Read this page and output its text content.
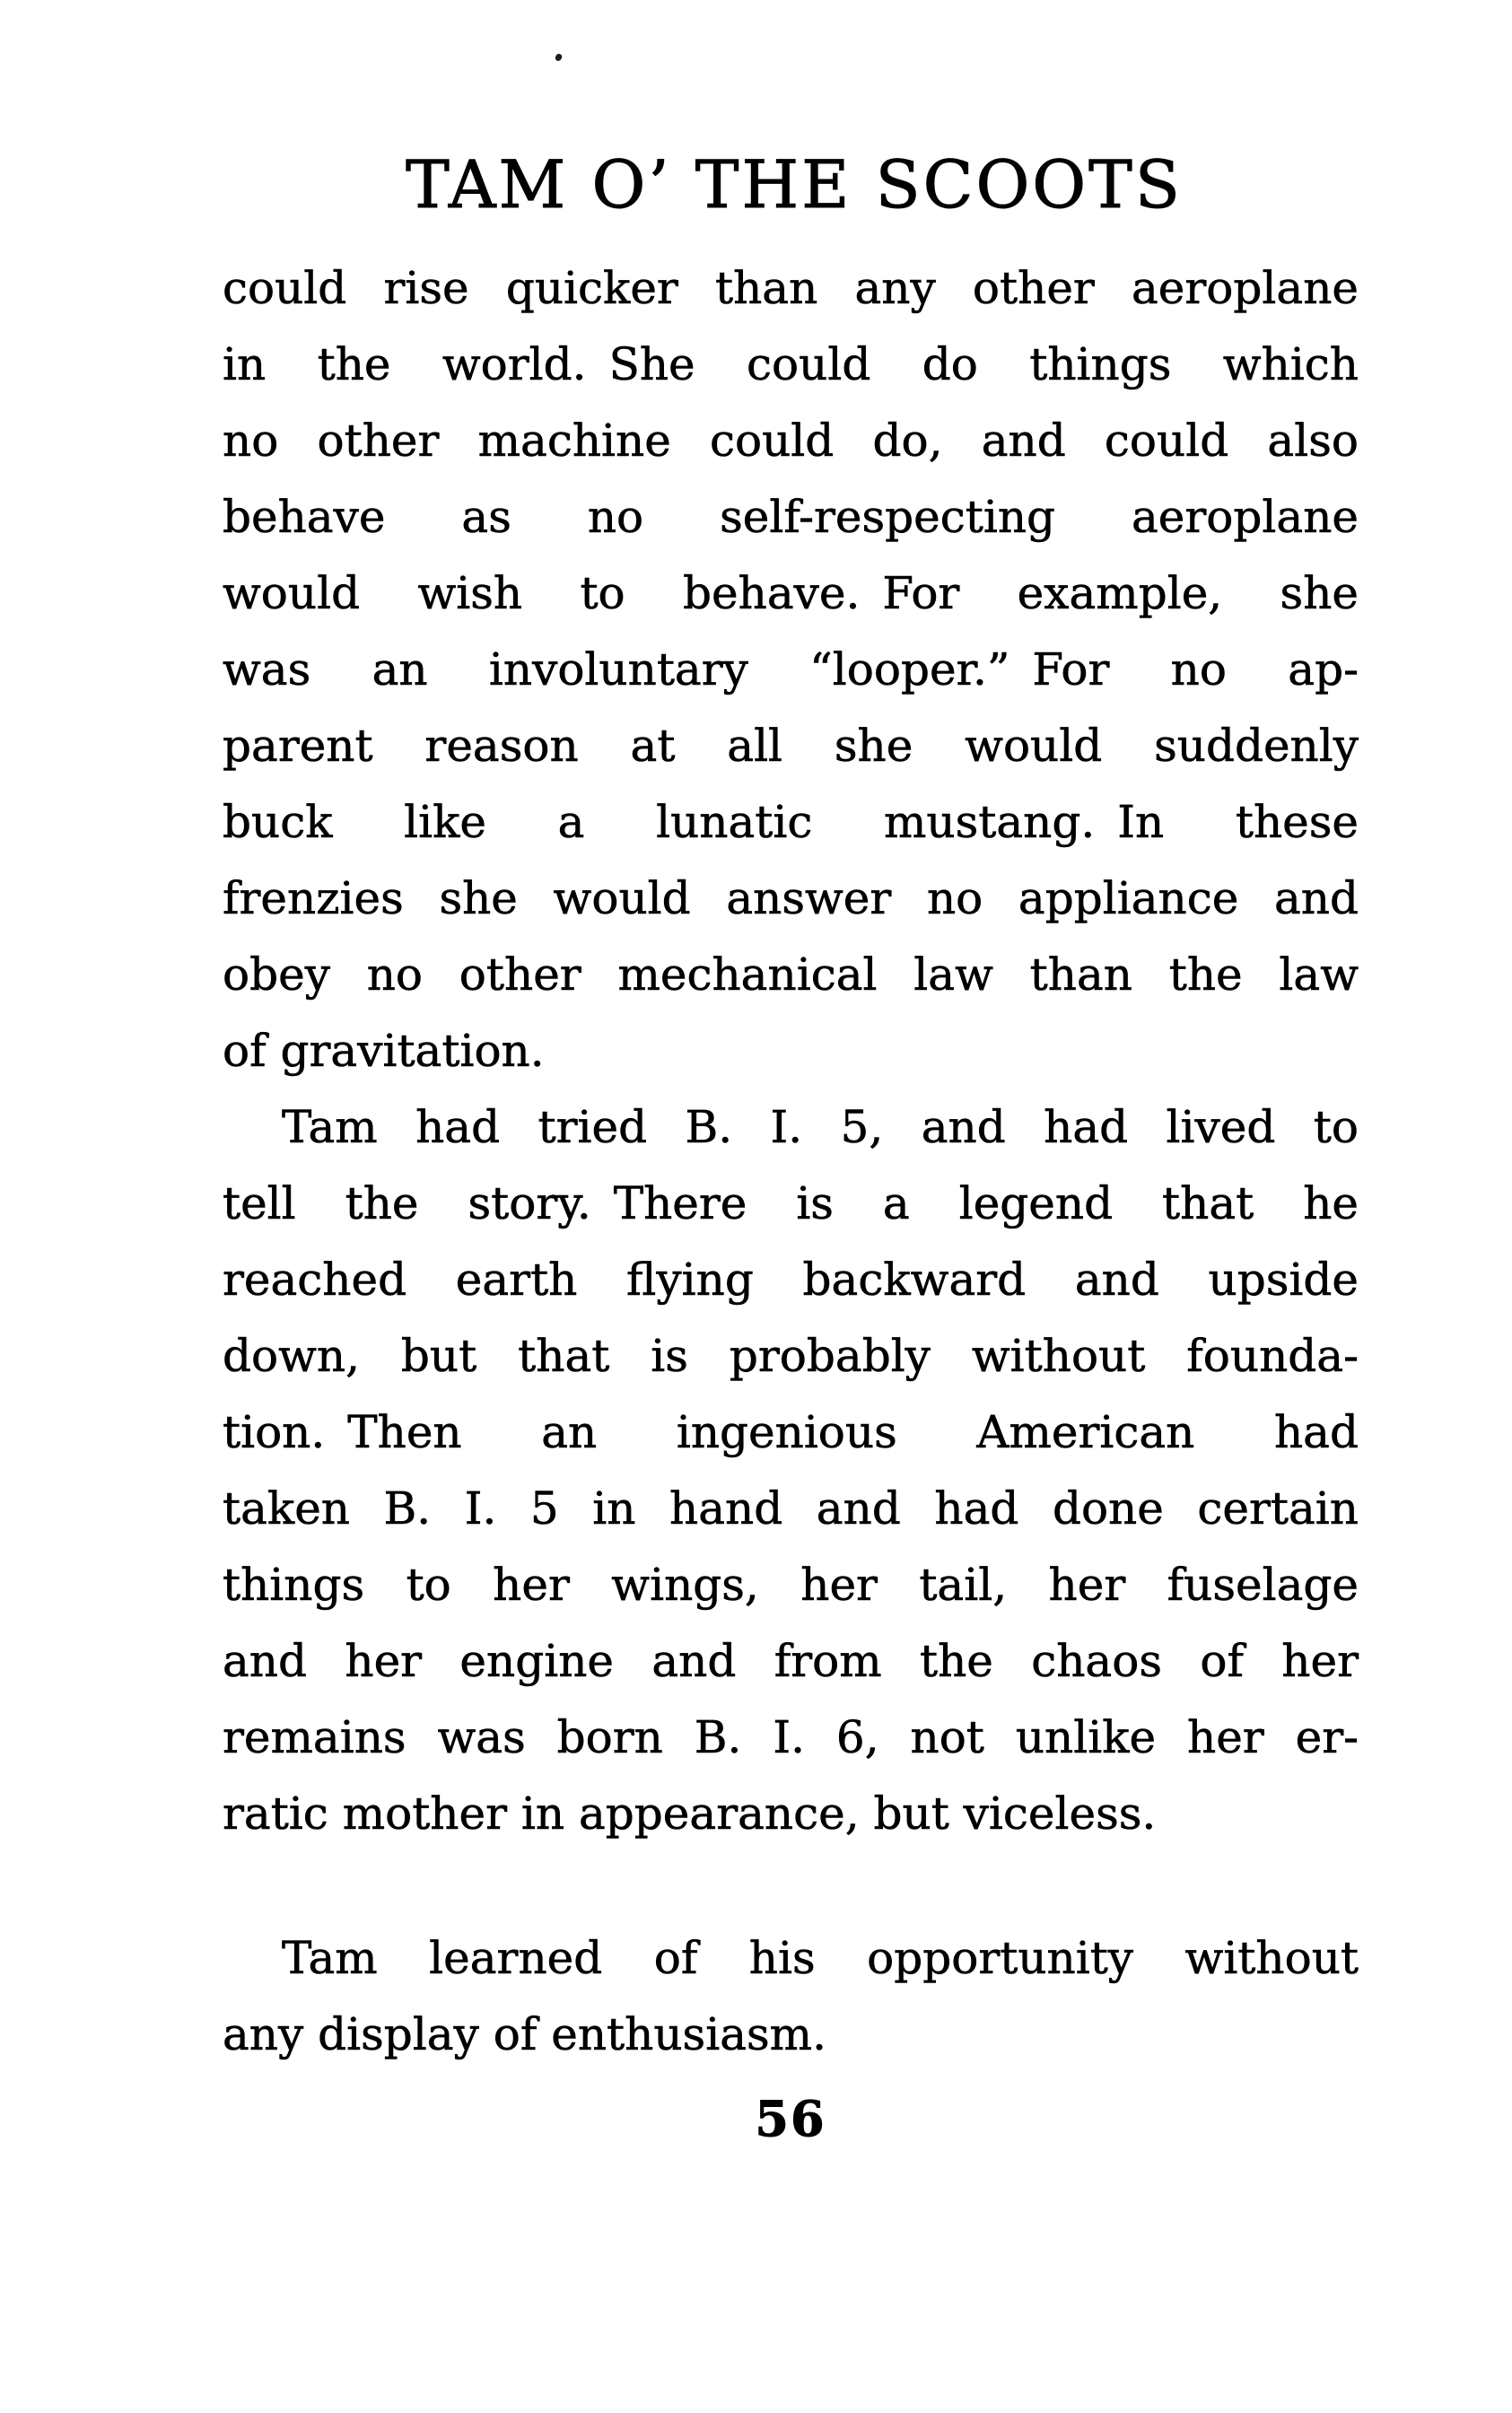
TAM O’ THE SCOOTS
could rise quicker than any other aeroplane
in the world. She could do things which
no other machine could do, and could also
behave as no self-respecting aeroplane
would wish to behave. For example, she
was an involuntary “looper.” For no ap-
parent reason at all she would suddenly
buck like a lunatic mustang. In these
frenzies she would answer no appliance and
obey no other mechanical law than the law
of gravitation.
Tam had tried B. I. 5, and had lived to
tell the story. There is a legend that he
reached earth flying backward and upside
down, but that is probably without founda-
tion. Then an ingenious American had
taken B. I. 5 in hand and had done certain
things to her wings, her tail, her fuselage
and her engine and from the chaos of her
remains was born B. I. 6, not unlike her er-
ratic mother in appearance, but viceless.
Tam learned of his opportunity without
any display of enthusiasm.
56
